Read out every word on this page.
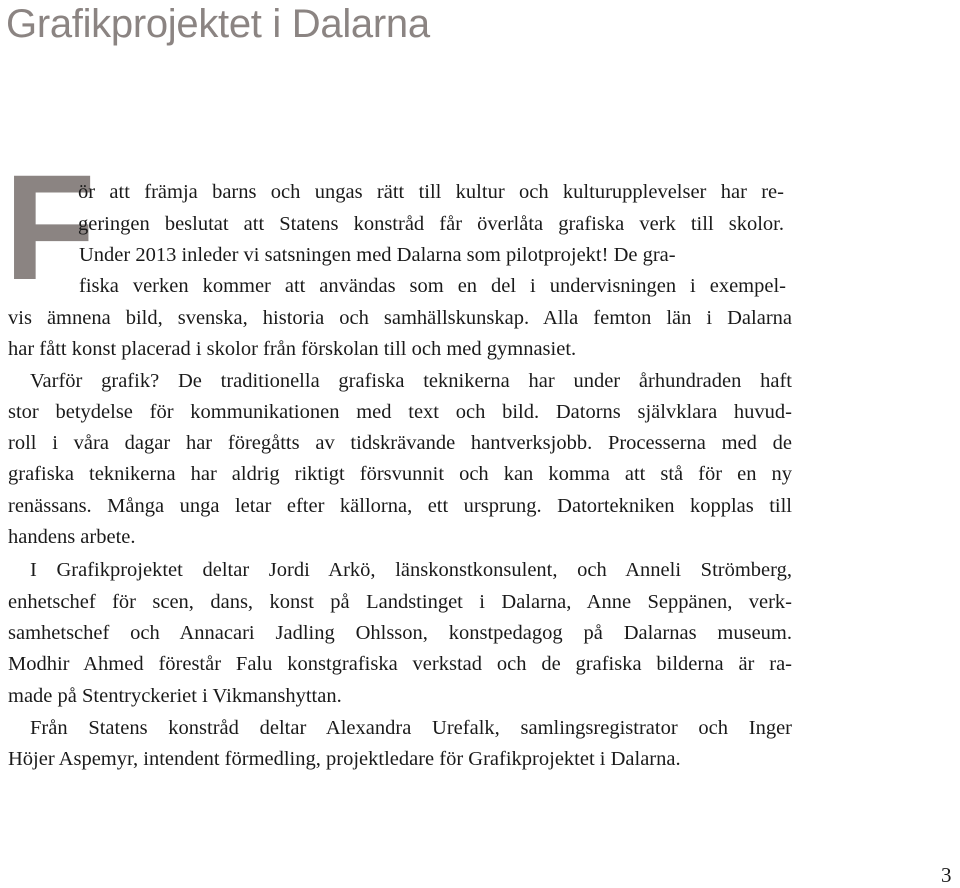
Grafikprojektet i Dalarna
F
ör att främja barns och ungas rätt till kultur och kulturupplevelser har re-
geringen beslutat att Statens konstråd får överlåta grafiska verk till skolor.
Under 2013 inleder vi satsningen med Dalarna som pilotprojekt! De gra-
fiska verken kommer att användas som en del i undervisningen i exempel-
vis ämnena bild, svenska, historia och samhällskunskap. Alla femton län i Dalarna
har fått konst placerad i skolor från förskolan till och med gymnasiet.
Varför grafik? De traditionella grafiska teknikerna har under århundraden haft
stor betydelse för kommunikationen med text och bild. Datorns självklara huvud-
roll i våra dagar har föregåtts av tidskrävande hantverksjobb. Processerna med de
grafiska teknikerna har aldrig riktigt försvunnit och kan komma att stå för en ny
renässans. Många unga letar efter källorna, ett ursprung. Datortekniken kopplas till
handens arbete.
I Grafikprojektet deltar Jordi Arkö, länskonstkonsulent, och Anneli Strömberg,
enhetschef för scen, dans, konst på Landstinget i Dalarna, Anne Seppänen, verk-
samhetschef och Annacari Jadling Ohlsson, konstpedagog på Dalarnas museum.
Modhir Ahmed förestår Falu konstgrafiska verkstad och de grafiska bilderna är ra-
made på Stentryckeriet i Vikmanshyttan.
Från Statens konstråd deltar Alexandra Urefalk, samlingsregistrator och Inger
Höjer Aspemyr, intendent förmedling, projektledare för Grafikprojektet i Dalarna.
3
